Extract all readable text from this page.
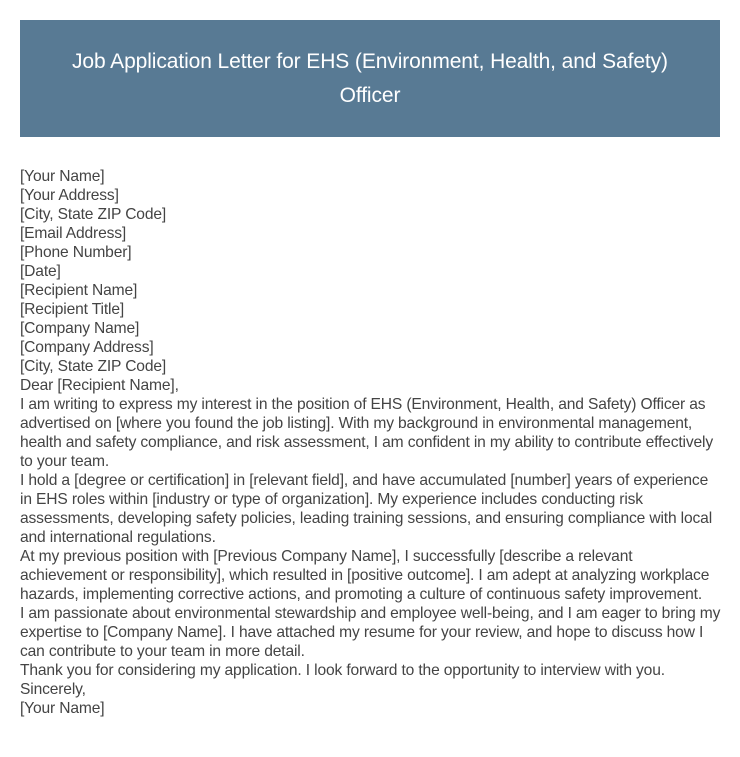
Job Application Letter for EHS (Environment, Health, and Safety) Officer
[Your Name]
[Your Address]
[City, State ZIP Code]
[Email Address]
[Phone Number]
[Date]
[Recipient Name]
[Recipient Title]
[Company Name]
[Company Address]
[City, State ZIP Code]
Dear [Recipient Name],

I am writing to express my interest in the position of EHS (Environment, Health, and Safety) Officer as advertised on [where you found the job listing]. With my background in environmental management, health and safety compliance, and risk assessment, I am confident in my ability to contribute effectively to your team.

I hold a [degree or certification] in [relevant field], and have accumulated [number] years of experience in EHS roles within [industry or type of organization]. My experience includes conducting risk assessments, developing safety policies, leading training sessions, and ensuring compliance with local and international regulations.

At my previous position with [Previous Company Name], I successfully [describe a relevant achievement or responsibility], which resulted in [positive outcome]. I am adept at analyzing workplace hazards, implementing corrective actions, and promoting a culture of continuous safety improvement.

I am passionate about environmental stewardship and employee well-being, and I am eager to bring my expertise to [Company Name]. I have attached my resume for your review, and hope to discuss how I can contribute to your team in more detail.

Thank you for considering my application. I look forward to the opportunity to interview with you.

Sincerely,
[Your Name]
